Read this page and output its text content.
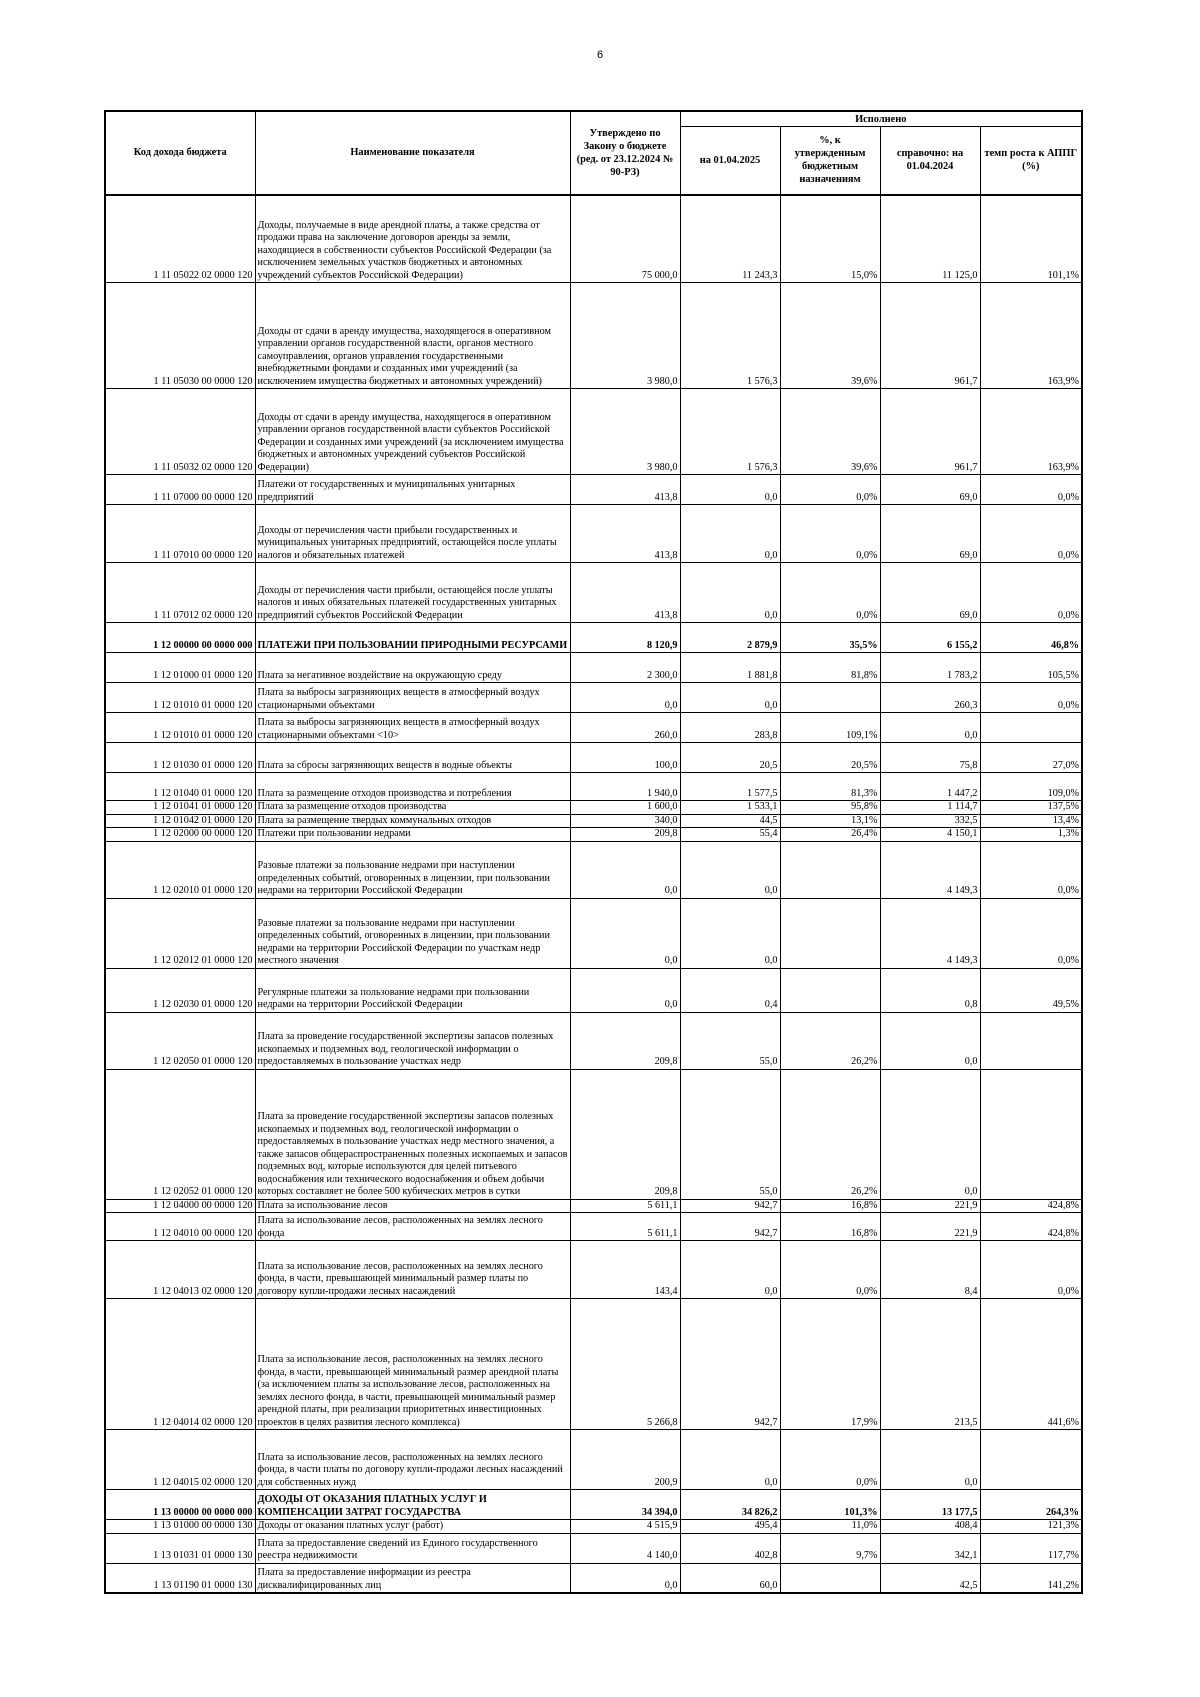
6
Код дохода бюджета	Наименование показателя	Утверждено по Закону о бюджете (ред. от 23.12.2024 № 90-РЗ)	Исполнено			
			на 01.04.2025	%, к утвержденным бюджетным назначениям	справочно: на 01.04.2024	темп роста к АППГ (%)
1 11 05022 02 0000 120	Доходы, получаемые в виде арендной платы, а также средства от продажи права на заключение договоров аренды за земли, находящиеся в собственности субъектов Российской Федерации (за исключением земельных участков бюджетных и автономных учреждений субъектов Российской Федерации)	75 000,0	11 243,3	15,0%	11 125,0	101,1%
1 11 05030 00 0000 120	Доходы от сдачи в аренду имущества, находящегося в оперативном управлении органов государственной власти, органов местного самоуправления, органов управления государственными внебюджетными фондами и созданных ими учреждений (за исключением имущества бюджетных и автономных учреждений)	3 980,0	1 576,3	39,6%	961,7	163,9%
1 11 05032 02 0000 120	Доходы от сдачи в аренду имущества, находящегося в оперативном управлении органов государственной власти субъектов Российской Федерации и созданных ими учреждений (за исключением имущества бюджетных и автономных учреждений субъектов Российской Федерации)	3 980,0	1 576,3	39,6%	961,7	163,9%
1 11 07000 00 0000 120	Платежи от государственных и муниципальных унитарных предприятий	413,8	0,0	0,0%	69,0	0,0%
1 11 07010 00 0000 120	Доходы от перечисления части прибыли государственных и муниципальных унитарных предприятий, остающейся после уплаты налогов и обязательных платежей	413,8	0,0	0,0%	69,0	0,0%
1 11 07012 02 0000 120	Доходы от перечисления части прибыли, остающейся после уплаты налогов и иных обязательных платежей государственных унитарных предприятий субъектов Российской Федерации	413,8	0,0	0,0%	69,0	0,0%
1 12 00000 00 0000 000	ПЛАТЕЖИ ПРИ ПОЛЬЗОВАНИИ ПРИРОДНЫМИ РЕСУРСАМИ	8 120,9	2 879,9	35,5%	6 155,2	46,8%
1 12 01000 01 0000 120	Плата за негативное воздействие на окружающую среду	2 300,0	1 881,8	81,8%	1 783,2	105,5%
1 12 01010 01 0000 120	Плата за выбросы загрязняющих веществ в атмосферный воздух стационарными объектами	0,0	0,0		260,3	0,0%
1 12 01010 01 0000 120	Плата за выбросы загрязняющих веществ в атмосферный воздух стационарными объектами <10>	260,0	283,8	109,1%	0,0	
1 12 01030 01 0000 120	Плата за сбросы загрязняющих веществ в водные объекты	100,0	20,5	20,5%	75,8	27,0%
1 12 01040 01 0000 120	Плата за размещение отходов производства и потребления	1 940,0	1 577,5	81,3%	1 447,2	109,0%
1 12 01041 01 0000 120	Плата за размещение отходов производства	1 600,0	1 533,1	95,8%	1 114,7	137,5%
1 12 01042 01 0000 120	Плата за размещение твердых коммунальных отходов	340,0	44,5	13,1%	332,5	13,4%
1 12 02000 00 0000 120	Платежи при пользовании недрами	209,8	55,4	26,4%	4 150,1	1,3%
1 12 02010 01 0000 120	Разовые платежи за пользование недрами при наступлении определенных событий, оговоренных в лицензии, при пользовании недрами на территории Российской Федерации	0,0	0,0		4 149,3	0,0%
1 12 02012 01 0000 120	Разовые платежи за пользование недрами при наступлении определенных событий, оговоренных в лицензии, при пользовании недрами на территории Российской Федерации по участкам недр местного значения	0,0	0,0		4 149,3	0,0%
1 12 02030 01 0000 120	Регулярные платежи за пользование недрами при пользовании недрами на территории Российской Федерации	0,0	0,4		0,8	49,5%
1 12 02050 01 0000 120	Плата за проведение государственной экспертизы запасов полезных ископаемых и подземных вод, геологической информации о предоставляемых в пользование участках недр	209,8	55,0	26,2%	0,0	
1 12 02052 01 0000 120	Плата за проведение государственной экспертизы запасов полезных ископаемых и подземных вод, геологической информации о предоставляемых в пользование участках недр местного значения, а также запасов общераспространенных полезных ископаемых и запасов подземных вод, которые используются для целей питьевого водоснабжения или технического водоснабжения и объем добычи которых составляет не более 500 кубических метров в сутки	209,8	55,0	26,2%	0,0	
1 12 04000 00 0000 120	Плата за использование лесов	5 611,1	942,7	16,8%	221,9	424,8%
1 12 04010 00 0000 120	Плата за использование лесов, расположенных на землях лесного фонда	5 611,1	942,7	16,8%	221,9	424,8%
1 12 04013 02 0000 120	Плата за использование лесов, расположенных на землях лесного фонда, в части, превышающей минимальный размер платы по договору купли-продажи лесных насаждений	143,4	0,0	0,0%	8,4	0,0%
1 12 04014 02 0000 120	Плата за использование лесов, расположенных на землях лесного фонда, в части, превышающей минимальный размер арендной платы (за исключением платы за использование лесов, расположенных на землях лесного фонда, в части, превышающей минимальный размер арендной платы, при реализации приоритетных инвестиционных проектов в целях развития лесного комплекса)	5 266,8	942,7	17,9%	213,5	441,6%
1 12 04015 02 0000 120	Плата за использование лесов, расположенных на землях лесного фонда, в части платы по договору купли-продажи лесных насаждений для собственных нужд	200,9	0,0	0,0%	0,0	
1 13 00000 00 0000 000	ДОХОДЫ ОТ ОКАЗАНИЯ ПЛАТНЫХ УСЛУГ И КОМПЕНСАЦИИ ЗАТРАТ ГОСУДАРСТВА	34 394,0	34 826,2	101,3%	13 177,5	264,3%
1 13 01000 00 0000 130	Доходы от оказания платных услуг (работ)	4 515,9	495,4	11,0%	408,4	121,3%
1 13 01031 01 0000 130	Плата за предоставление сведений из Единого государственного реестра недвижимости	4 140,0	402,8	9,7%	342,1	117,7%
1 13 01190 01 0000 130	Плата за предоставление информации из реестра дисквалифицированных лиц	0,0	60,0		42,5	141,2%
